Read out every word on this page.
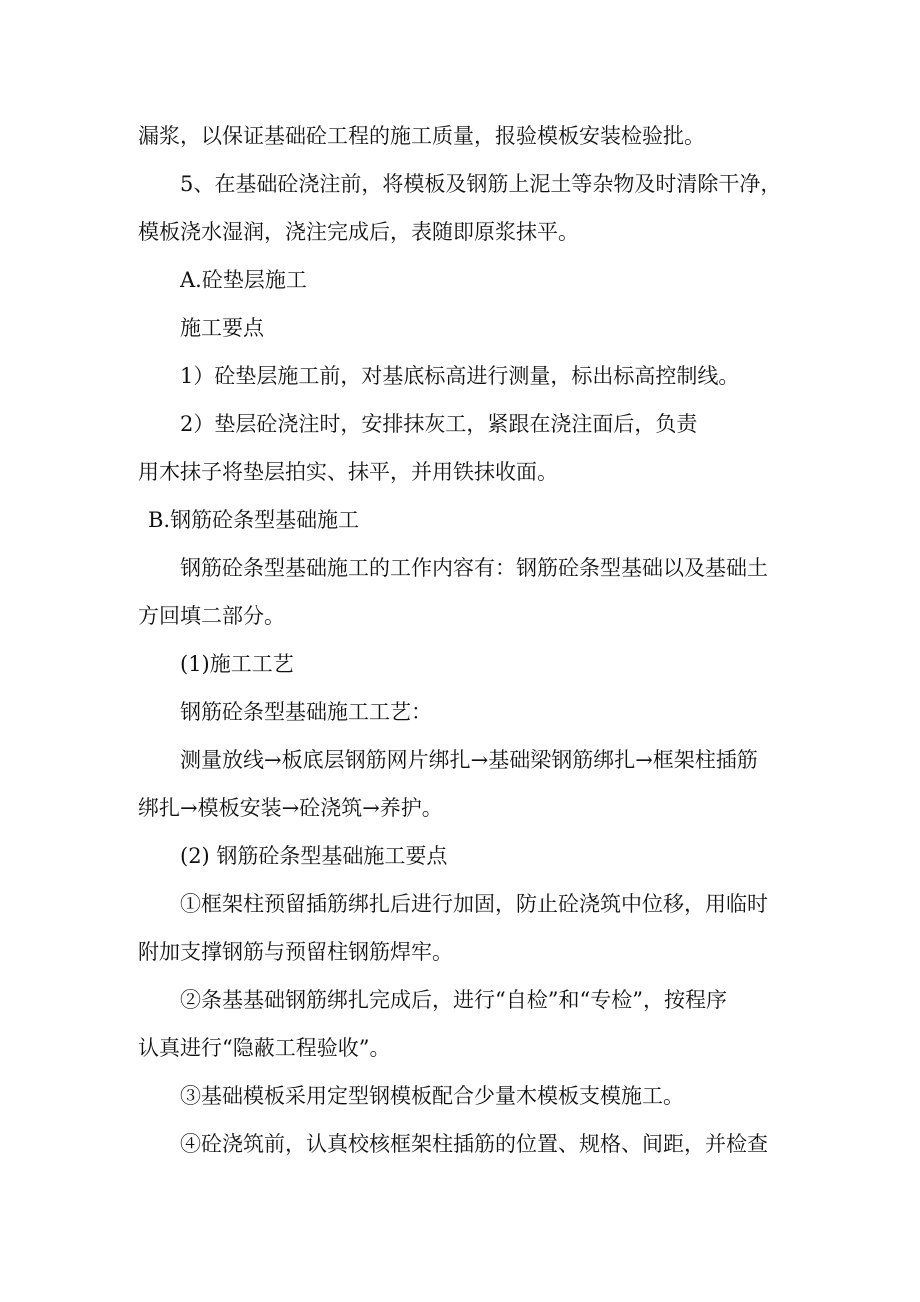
漏浆，以保证基础砼工程的施工质量，报验模板安装检验批。

5、在基础砼浇注前，将模板及钢筋上泥土等杂物及时清除干净，

模板浇水湿润，浇注完成后，表随即原浆抹平。

A.砼垫层施工

施工要点

1）砼垫层施工前，对基底标高进行测量，标出标高控制线。

2）垫层砼浇注时，安排抹灰工，紧跟在浇注面后，负责

用木抹子将垫层拍实、抹平，并用铁抹收面。

B.钢筋砼条型基础施工

钢筋砼条型基础施工的工作内容有：钢筋砼条型基础以及基础土

方回填二部分。

(1)施工工艺

钢筋砼条型基础施工工艺：

测量放线→板底层钢筋网片绑扎→基础梁钢筋绑扎→框架柱插筋

绑扎→模板安装→砼浇筑→养护。

(2) 钢筋砼条型基础施工要点

①框架柱预留插筋绑扎后进行加固，防止砼浇筑中位移，用临时

附加支撑钢筋与预留柱钢筋焊牢。

②条基基础钢筋绑扎完成后，进行“自检”和“专检”，按程序

认真进行“隐蔽工程验收”。

③基础模板采用定型钢模板配合少量木模板支模施工。

④砼浇筑前，认真校核框架柱插筋的位置、规格、间距，并检查
